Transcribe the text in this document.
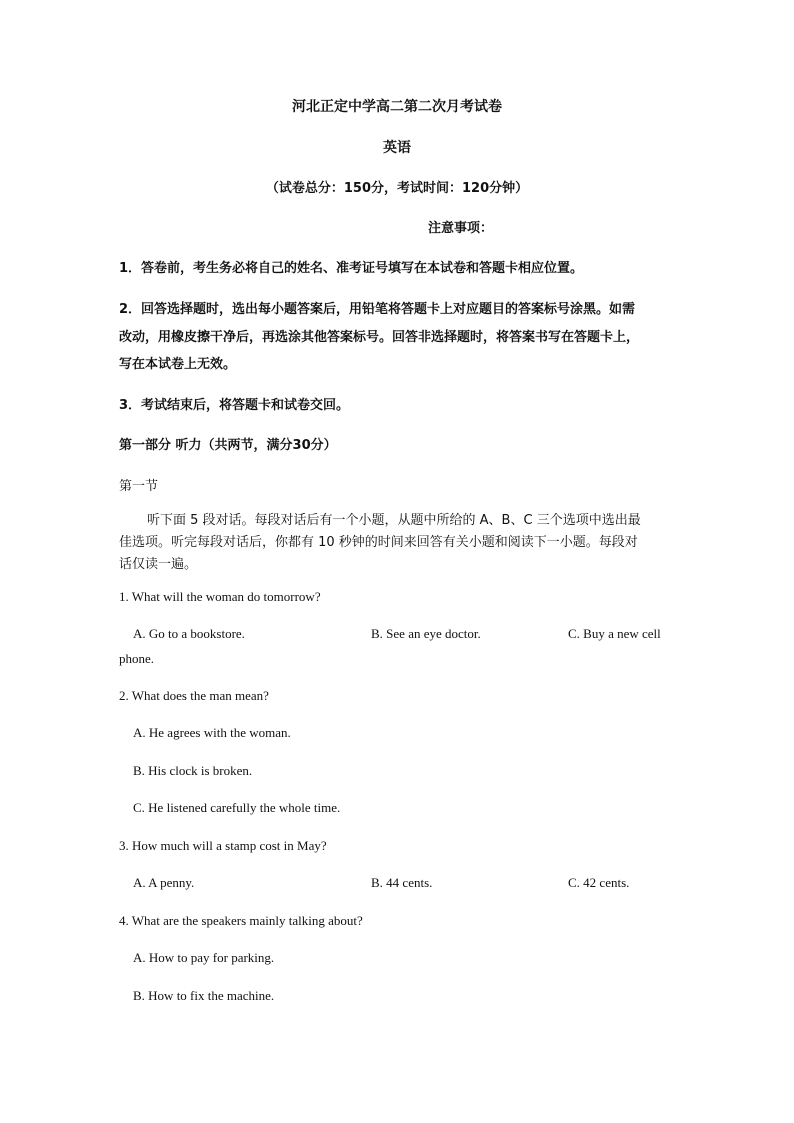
河北正定中学高二第二次月考试卷
英语
（试卷总分：150分，考试时间：120分钟）
注意事项：
1．答卷前，考生务必将自己的姓名、准考证号填写在本试卷和答题卡相应位置。
2．回答选择题时，选出每小题答案后，用铅笔将答题卡上对应题目的答案标号涂黑。如需
改动，用橡皮擦干净后，再选涂其他答案标号。回答非选择题时，将答案书写在答题卡上，
写在本试卷上无效。
3．考试结束后，将答题卡和试卷交回。
第一部分 听力（共两节，满分30分）
第一节
听下面 5 段对话。每段对话后有一个小题，从题中所给的 A、B、C 三个选项中选出最
佳选项。听完每段对话后，你都有 10 秒钟的时间来回答有关小题和阅读下一小题。每段对
话仅读一遍。
1. What will the woman do tomorrow?
A. Go to a bookstore.	B. See an eye doctor.	C. Buy a new cell
phone.
2. What does the man mean?
A. He agrees with the woman.
B. His clock is broken.
C. He listened carefully the whole time.
3. How much will a stamp cost in May?
A. A penny.	B. 44 cents.	C. 42 cents.
4. What are the speakers mainly talking about?
A. How to pay for parking.
B. How to fix the machine.
